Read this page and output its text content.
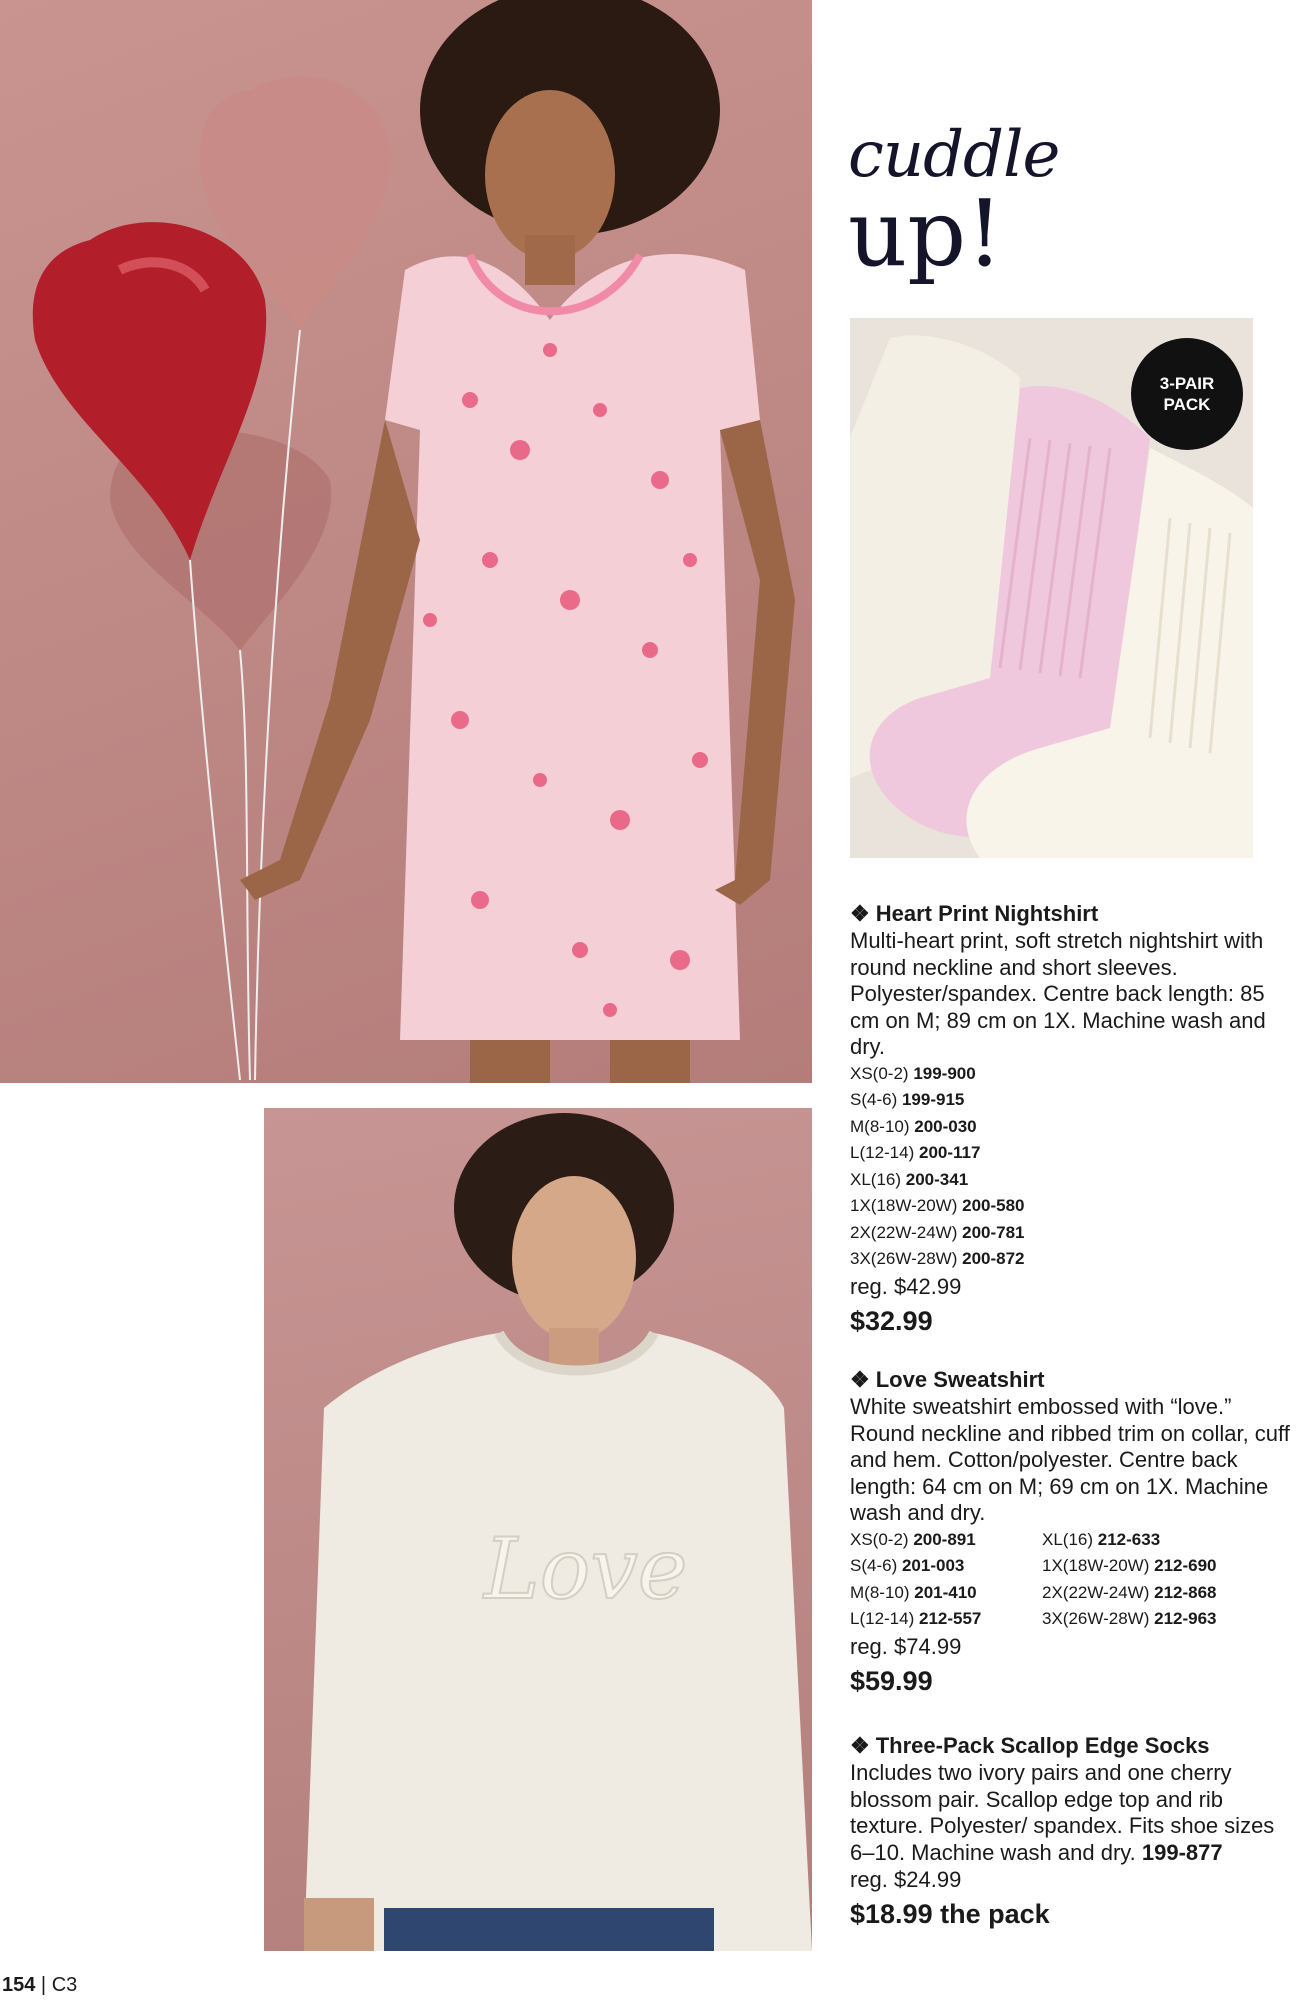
cuddle
up!
3-PAIR
PACK
Love
❖ Heart Print Nightshirt
Multi-heart print, soft stretch nightshirt with round neckline and short sleeves. Polyester/spandex. Centre back length: 85 cm on M; 89 cm on 1X. Machine wash and dry.
XS(0-2) 199-900
S(4-6) 199-915
M(8-10) 200-030
L(12-14) 200-117
XL(16) 200-341
1X(18W-20W) 200-580
2X(22W-24W) 200-781
3X(26W-28W) 200-872
reg. $42.99
$32.99
❖ Love Sweatshirt
White sweatshirt embossed with “love.” Round neckline and ribbed trim on collar, cuff and hem. Cotton/polyester. Centre back length: 64 cm on M; 69 cm on 1X. Machine wash and dry.
XS(0-2) 200-891
S(4-6) 201-003
M(8-10) 201-410
L(12-14) 212-557
XL(16) 212-633
1X(18W-20W) 212-690
2X(22W-24W) 212-868
3X(26W-28W) 212-963
reg. $74.99
$59.99
❖ Three-Pack Scallop Edge Socks
Includes two ivory pairs and one cherry blossom pair. Scallop edge top and rib texture. Polyester/ spandex. Fits shoe sizes 6–10. Machine wash and dry. 199-877
reg. $24.99
$18.99 the pack
154 | C3
